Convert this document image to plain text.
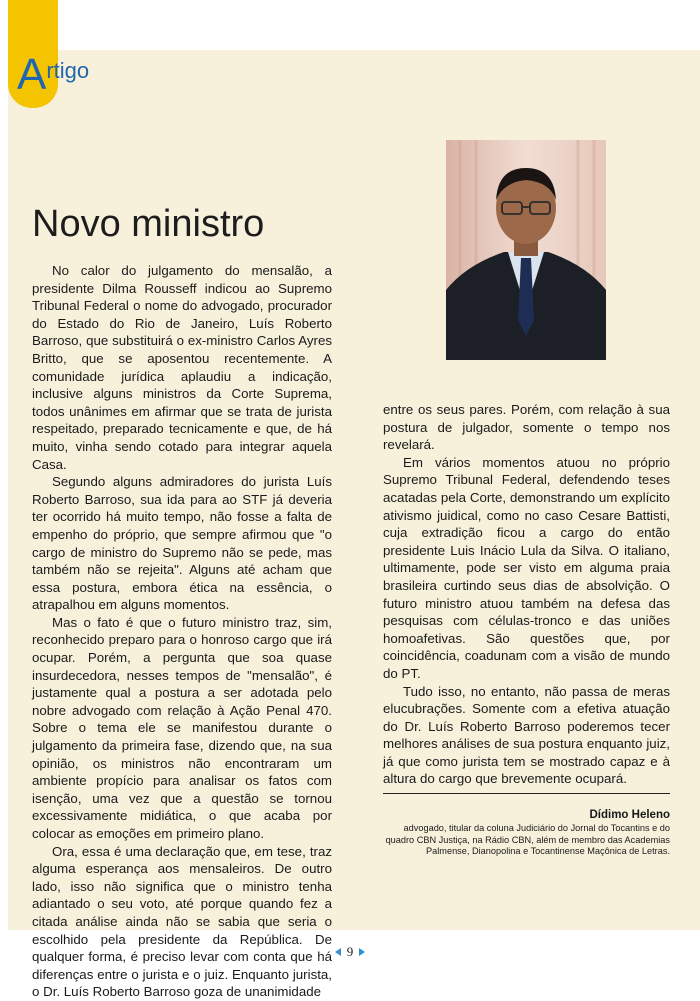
Artigo
Novo ministro

No calor do julgamento do mensalão, a presidente Dilma Rousseff indicou ao Supremo Tribunal Federal o nome do advogado, procurador do Estado do Rio de Janeiro, Luís Roberto Barroso, que substituirá o ex-ministro Carlos Ayres Britto, que se aposentou recentemente. A comunidade jurídica aplaudiu a indicação, inclusive alguns ministros da Corte Suprema, todos unânimes em afirmar que se trata de jurista respeitado, preparado tecnicamente e que, de há muito, vinha sendo cotado para integrar aquela Casa.

Segundo alguns admiradores do jurista Luís Roberto Barroso, sua ida para ao STF já deveria ter ocorrido há muito tempo, não fosse a falta de empenho do próprio, que sempre afirmou que "o cargo de ministro do Supremo não se pede, mas também não se rejeita". Alguns até acham que essa postura, embora ética na essência, o atrapalhou em alguns momentos.

Mas o fato é que o futuro ministro traz, sim, reconhecido preparo para o honroso cargo que irá ocupar. Porém, a pergunta que soa quase insurdecedora, nesses tempos de "mensalão", é justamente qual a postura a ser adotada pelo nobre advogado com relação à Ação Penal 470. Sobre o tema ele se manifestou durante o julgamento da primeira fase, dizendo que, na sua opinião, os ministros não encontraram um ambiente propício para analisar os fatos com isenção, uma vez que a questão se tornou excessivamente midiática, o que acaba por colocar as emoções em primeiro plano.

Ora, essa é uma declaração que, em tese, traz alguma esperança aos mensaleiros. De outro lado, isso não significa que o ministro tenha adiantado o seu voto, até porque quando fez a citada análise ainda não se sabia que seria o escolhido pela presidente da República. De qualquer forma, é preciso levar com conta que há diferenças entre o jurista e o juiz. Enquanto jurista, o Dr. Luís Roberto Barroso goza de unanimidade

entre os seus pares. Porém, com relação à sua postura de julgador, somente o tempo nos revelará.

Em vários momentos atuou no próprio Supremo Tribunal Federal, defendendo teses acatadas pela Corte, demonstrando um explícito ativismo juidical, como no caso Cesare Battisti, cuja extradição ficou a cargo do então presidente Luis Inácio Lula da Silva. O italiano, ultimamente, pode ser visto em alguma praia brasileira curtindo seus dias de absolvição. O futuro ministro atuou também na defesa das pesquisas com células-tronco e das uniões homoafetivas. São questões que, por coincidência, coadunam com a visão de mundo do PT.

Tudo isso, no entanto, não passa de meras elucubrações. Somente com a efetiva atuação do Dr. Luís Roberto Barroso poderemos tecer melhores análises de sua postura enquanto juiz, já que como jurista tem se mostrado capaz e à altura do cargo que brevemente ocupará.

Dídimo Heleno
advogado, titular da coluna Judiciário do Jornal do Tocantins e do
quadro CBN Justiça, na Rádio CBN, além de membro das Academias
Palmense, Dianopolina e Tocantinense Maçônica de Letras.
9
